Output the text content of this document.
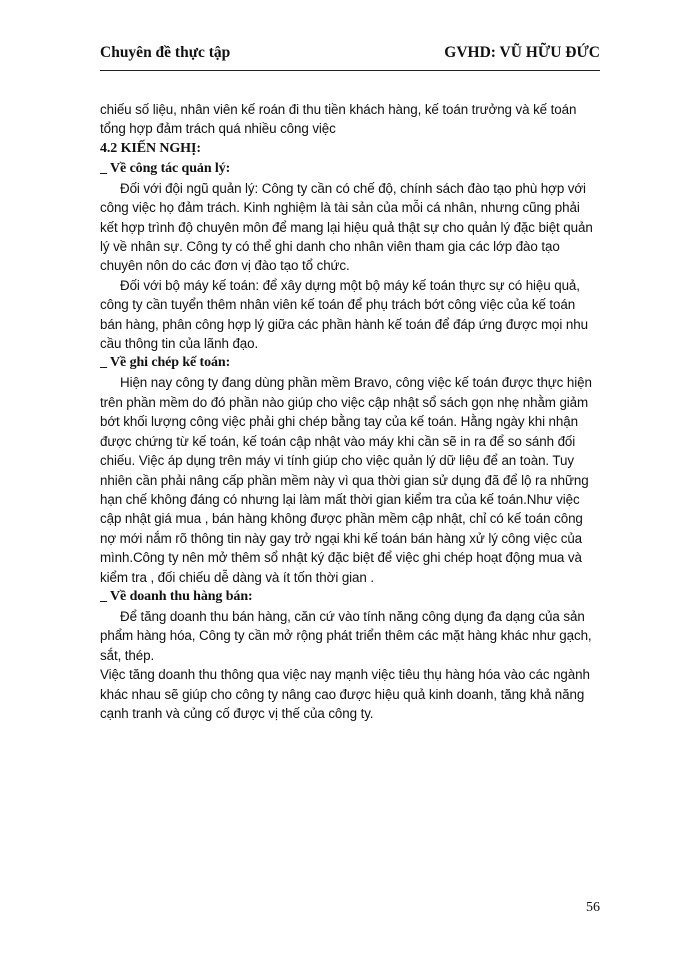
Chuyên đề thực tập	GVHD: VŨ HỮU ĐỨC

chiếu số liệu, nhân viên kế roán đi thu tiền khách hàng, kế toán trưởng và kế toán tổng hợp đảm trách quá nhiều công việc

4.2 KIẾN NGHỊ:

_ Về công tác quản lý:

Đối với đội ngũ quản lý: Công ty cần có chế độ, chính sách đào tạo phù hợp với công việc họ đảm trách. Kinh nghiệm là tài sản của mỗi cá nhân, nhưng cũng phải kết hợp trình độ chuyên môn để mang lại hiệu quả thật sự cho quản lý đặc biệt quản lý về nhân sự. Công ty có thể ghi danh cho nhân viên tham gia các lớp đào tạo chuyên nôn do các đơn vị đào tạo tổ chức.

Đối với bộ máy kế toán: để xây dựng một bộ máy kế toán thực sự có hiệu quả, công ty cần tuyển thêm nhân viên kế toán để phụ trách bớt công việc của kế toán bán hàng, phân công hợp lý giữa các phần hành kế toán để đáp ứng được mọi nhu cầu thông tin của lãnh đạo.

_ Về ghi chép kế toán:

Hiện nay công ty đang dùng phần mềm Bravo, công việc kế toán được thực hiện trên phần mềm do đó phần nào giúp cho việc cập nhật sổ sách gọn nhẹ nhằm giảm bớt khối lượng công việc phải ghi chép bằng tay của kế toán. Hằng ngày khi nhận được chứng từ kế toán, kế toán cập nhật vào máy khi cần sẽ in ra để so sánh đối chiếu. Việc áp dụng trên máy vi tính giúp cho việc quản lý dữ liệu để an toàn. Tuy nhiên cần phải nâng cấp phần mềm này vì qua thời gian sử dụng đã để lộ ra những hạn chế không đáng có nhưng lại làm mất thời gian kiểm tra của kế toán.Như việc cập nhật giá mua , bán hàng không được phần mềm cập nhật, chỉ có kế toán công nợ mới nắm rõ thông tin này gay trở ngại khi kế toán bán hàng xử lý công việc của mình.Công ty nên mở thêm sổ nhật ký đặc biệt để việc ghi chép hoạt động mua và kiểm tra , đối chiếu dễ dàng và ít tốn thời gian .

_ Về doanh thu hàng bán:

Để tăng doanh thu bán hàng, căn cứ vào tính năng công dụng đa dạng của sản phẩm hàng hóa, Công ty cần mở rộng phát triển thêm các mặt hàng khác như gạch, sắt, thép.

Việc tăng doanh thu thông qua việc nay mạnh việc tiêu thụ hàng hóa vào các ngành khác nhau sẽ giúp cho công ty nâng cao được hiệu quả kinh doanh, tăng khả năng cạnh tranh và củng cố được vị thế của công ty.

56
